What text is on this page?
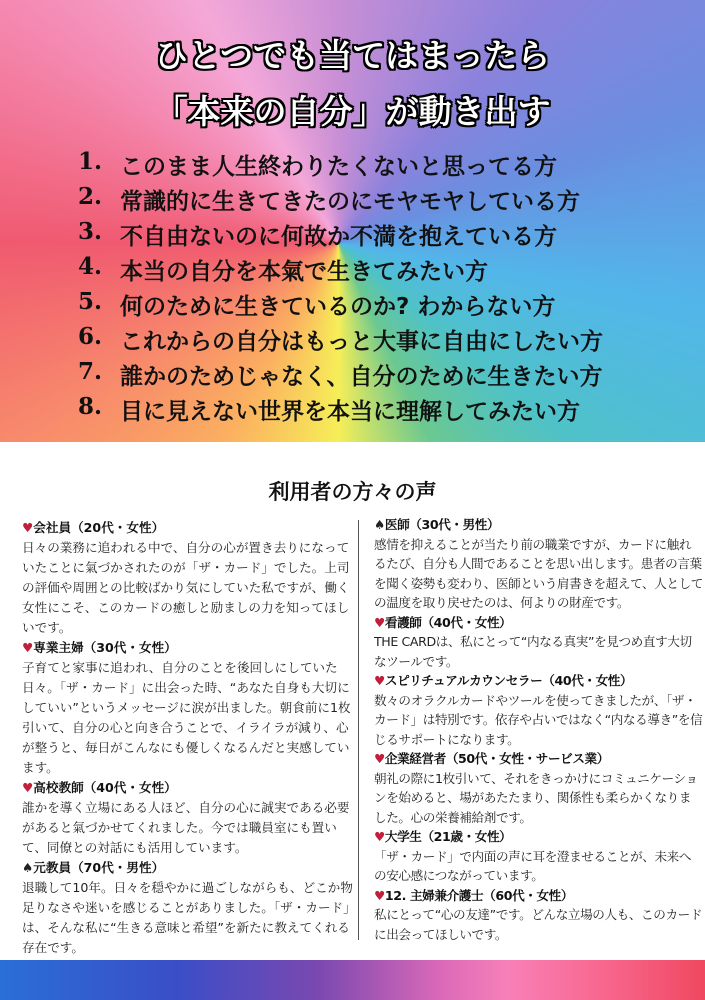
ひとつでも当てはまったら
「本来の自分」が動き出す
1. このまま人生終わりたくないと思ってる方
2. 常識的に生きてきたのにモヤモヤしている方
3. 不自由ないのに何故か不満を抱えている方
4. 本当の自分を本氣で生きてみたい方
5. 何のために生きているのか? わからない方
6. これからの自分はもっと大事に自由にしたい方
7. 誰かのためじゃなく、自分のために生きたい方
8. 目に見えない世界を本当に理解してみたい方
利用者の方々の声
♥会社員（20代・女性）
日々の業務に追われる中で、自分の心が置き去りになっていたことに氣づかされたのが「ザ・カード」でした。上司の評価や周囲との比較ばかり気にしていた私ですが、働く女性にこそ、このカードの癒しと励ましの力を知ってほしいです。
♥専業主婦（30代・女性）
子育てと家事に追われ、自分のことを後回しにしていた日々。「ザ・カード」に出会った時、“あなた自身も大切にしていい”というメッセージに涙が出ました。朝食前に1枚引いて、自分の心と向き合うことで、イライラが減り、心が整うと、毎日がこんなにも優しくなるんだと実感しています。
♥高校教師（40代・女性）
誰かを導く立場にある人ほど、自分の心に誠実である必要があると氣づかせてくれました。今では職員室にも置いて、同僚との対話にも活用しています。
♠元教員（70代・男性）
退職して10年。日々を穏やかに過ごしながらも、どこか物足りなさや迷いを感じることがありました。「ザ・カード」は、そんな私に“生きる意味と希望”を新たに教えてくれる存在です。
♠医師（30代・男性）
感情を抑えることが当たり前の職業ですが、カードに触れるたび、自分も人間であることを思い出します。患者の言葉を聞く姿勢も変わり、医師という肩書きを超えて、人としての温度を取り戻せたのは、何よりの財産です。
♥看護師（40代・女性）
THE CARDは、私にとって“内なる真実”を見つめ直す大切なツールです。
♥スピリチュアルカウンセラー（40代・女性）
数々のオラクルカードやツールを使ってきましたが、「ザ・カード」は特別です。依存や占いではなく“内なる導き”を信じるサポートになります。
♥企業経営者（50代・女性・サービス業）
朝礼の際に1枚引いて、それをきっかけにコミュニケーションを始めると、場があたたまり、関係性も柔らかくなりました。心の栄養補給剤です。
♥大学生（21歳・女性）
「ザ・カード」で内面の声に耳を澄ませることが、未来への安心感につながっています。
♥12. 主婦兼介護士（60代・女性）
私にとって“心の友達”です。どんな立場の人も、このカードに出会ってほしいです。
